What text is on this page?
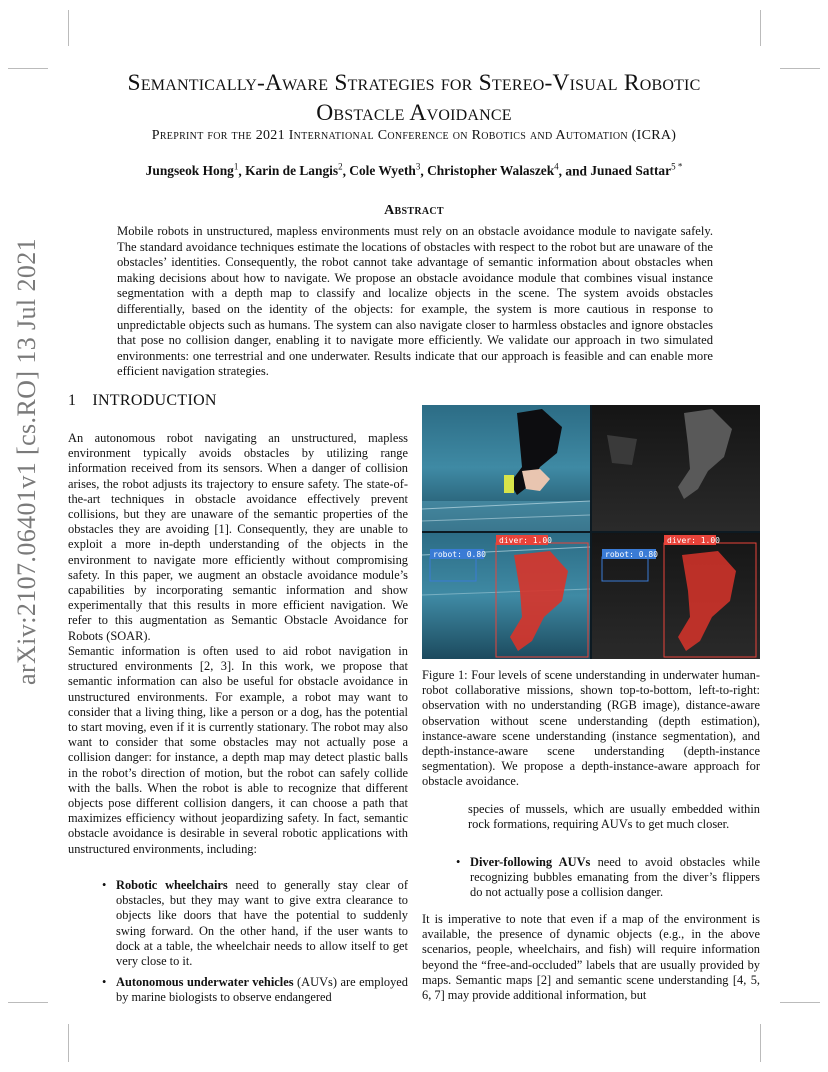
arXiv:2107.06401v1 [cs.RO] 13 Jul 2021
Semantically-Aware Strategies for Stereo-Visual Robotic
Obstacle Avoidance
Preprint for the 2021 International Conference on Robotics and Automation (ICRA)
Jungseok Hong$^1$, Karin de Langis$^2$, Cole Wyeth$^3$, Christopher Walaszek$^4$, and Junaed Sattar$^{5 *}$
Abstract
Mobile robots in unstructured, mapless environments must rely on an obstacle avoidance module to navigate safely. The standard avoidance techniques estimate the locations of obstacles with respect to the robot but are unaware of the obstacles’ identities. Consequently, the robot cannot take advantage of semantic information about obstacles when making decisions about how to navigate. We propose an obstacle avoidance module that combines visual instance segmentation with a depth map to classify and localize objects in the scene. The system avoids obstacles differentially, based on the identity of the objects: for example, the system is more cautious in response to unpredictable objects such as humans. The system can also navigate closer to harmless obstacles and ignore obstacles that pose no collision danger, enabling it to navigate more efficiently. We validate our approach in two simulated environments: one terrestrial and one underwater. Results indicate that our approach is feasible and can enable more efficient navigation strategies.
1 INTRODUCTION
An autonomous robot navigating an unstructured, mapless environment typically avoids obstacles by utilizing range information received from its sensors. When a danger of collision arises, the robot adjusts its trajectory to ensure safety. The state-of-the-art techniques in obstacle avoidance effectively prevent collisions, but they are unaware of the semantic properties of the obstacles they are avoiding [1]. Consequently, they are unable to exploit a more in-depth understanding of the objects in the environment to navigate more efficiently without compromising safety. In this paper, we augment an obstacle avoidance module’s capabilities by incorporating semantic information and show experimentally that this results in more efficient navigation. We refer to this augmentation as Semantic Obstacle Avoidance for Robots (SOAR).
Semantic information is often used to aid robot navigation in structured environments [2, 3]. In this work, we propose that semantic information can also be useful for obstacle avoidance in unstructured environments. For example, a robot may want to consider that a living thing, like a person or a dog, has the potential to start moving, even if it is currently stationary. The robot may also want to consider that some obstacles may not actually pose a collision danger: for instance, a depth map may detect plastic balls in the robot’s direction of motion, but the robot can safely collide with the balls. When the robot is able to recognize that different objects pose different collision dangers, it can choose a path that maximizes efficiency without jeopardizing safety. In fact, semantic obstacle avoidance is desirable in several robotic applications with unstructured environments, including:
• Robotic wheelchairs need to generally stay clear of obstacles, but they may want to give extra clearance to objects like doors that have the potential to suddenly swing forward. On the other hand, if the user wants to dock at a table, the wheelchair needs to allow itself to get very close to it.
• Autonomous underwater vehicles (AUVs) are employed by marine biologists to observe endangered
diver: 1.00
robot: 0.80
diver: 1.00
robot: 0.80
Figure 1: Four levels of scene understanding in underwater human-robot collaborative missions, shown top-to-bottom, left-to-right: observation with no understanding (RGB image), distance-aware observation without scene understanding (depth estimation), instance-aware scene understanding (instance segmentation), and depth-instance-aware scene understanding (depth-instance segmentation). We propose a depth-instance-aware approach for obstacle avoidance.
species of mussels, which are usually embedded within rock formations, requiring AUVs to get much closer.
• Diver-following AUVs need to avoid obstacles while recognizing bubbles emanating from the diver’s flippers do not actually pose a collision danger.
It is imperative to note that even if a map of the environment is available, the presence of dynamic objects (e.g., in the above scenarios, people, wheelchairs, and fish) will require information beyond the “free-and-occluded” labels that are usually provided by maps. Semantic maps [2] and semantic scene understanding [4, 5, 6, 7] may provide additional information, but
